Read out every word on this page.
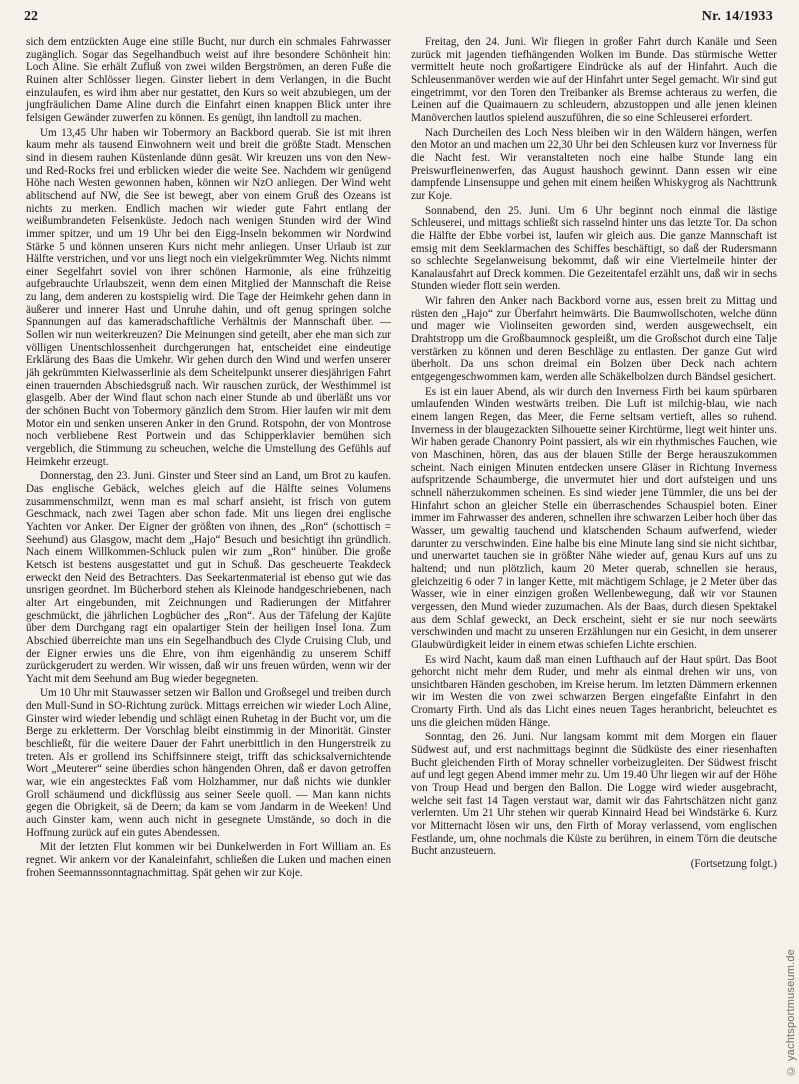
22	Nr. 14/1933

sich dem entzückten Auge eine stille Bucht, nur durch ein schmales Fahrwasser zugänglich. Sogar das Segelhandbuch weist auf ihre besondere Schönheit hin: Loch Aline. Sie erhält Zufluß von zwei wilden Bergströmen, an deren Fuße die Ruinen alter Schlösser liegen. Ginster liebert in dem Verlangen, in die Bucht einzulaufen, es wird ihm aber nur gestattet, den Kurs so weit abzubiegen, um der jungfräulichen Dame Aline durch die Einfahrt einen knappen Blick unter ihre felsigen Gewänder zuwerfen zu können. Es genügt, ihn landtoll zu machen.

Um 13,45 Uhr haben wir Tobermory an Backbord querab. Sie ist mit ihren kaum mehr als tausend Einwohnern weit und breit die größte Stadt. Menschen sind in diesem rauhen Küstenlande dünn gesät. Wir kreuzen uns von den New- und Red-Rocks frei und erblicken wieder die weite See. Nachdem wir genügend Höhe nach Westen gewonnen haben, können wir NzO anliegen. Der Wind weht ablitschend auf NW, die See ist bewegt, aber von einem Gruß des Ozeans ist nichts zu merken. Endlich machen wir wieder gute Fahrt entlang der weißumbrandeten Felsenküste. Jedoch nach wenigen Stunden wird der Wind immer spitzer, und um 19 Uhr bei den Eigg-Inseln bekommen wir Nordwind Stärke 5 und können unseren Kurs nicht mehr anliegen. Unser Urlaub ist zur Hälfte verstrichen, und vor uns liegt noch ein vielgekrümmter Weg. Nichts nimmt einer Segelfahrt soviel von ihrer schönen Harmonie, als eine frühzeitig aufgebrauchte Urlaubszeit, wenn dem einen Mitglied der Mannschaft die Reise zu lang, dem anderen zu kostspielig wird. Die Tage der Heimkehr gehen dann in äußerer und innerer Hast und Unruhe dahin, und oft genug springen solche Spannungen auf das kameradschaftliche Verhältnis der Mannschaft über. — Sollen wir nun weiterkreuzen? Die Meinungen sind geteilt, aber ehe man sich zur völligen Unentschlossenheit durchgerungen hat, entscheidet eine eindeutige Erklärung des Baas die Umkehr. Wir gehen durch den Wind und werfen unserer jäh gekrümmten Kielwasserlinie als dem Scheitelpunkt unserer diesjährigen Fahrt einen trauernden Abschiedsgruß nach. Wir rauschen zurück, der Westhimmel ist glasgelb. Aber der Wind flaut schon nach einer Stunde ab und überläßt uns vor der schönen Bucht von Tobermory gänzlich dem Strom. Hier laufen wir mit dem Motor ein und senken unseren Anker in den Grund. Rotspohn, der von Montrose noch verbliebene Rest Portwein und das Schipperklavier bemühen sich vergeblich, die Stimmung zu scheuchen, welche die Umstellung des Gefühls auf Heimkehr erzeugt.

Donnerstag, den 23. Juni. Ginster und Steer sind an Land, um Brot zu kaufen. Das englische Gebäck, welches gleich auf die Hälfte seines Volumens zusammenschmilzt, wenn man es mal scharf ansieht, ist frisch von gutem Geschmack, nach zwei Tagen aber schon fade. Mit uns liegen drei englische Yachten vor Anker. Der Eigner der größten von ihnen, des „Ron“ (schottisch = Seehund) aus Glasgow, macht dem „Hajo“ Besuch und besichtigt ihn gründlich. Nach einem Willkommen-Schluck pulen wir zum „Ron“ hinüber. Die große Ketsch ist bestens ausgestattet und gut in Schuß. Das gescheuerte Teakdeck erweckt den Neid des Betrachters. Das Seekartenmaterial ist ebenso gut wie das unsrigen geordnet. Im Bücherbord stehen als Kleinode handgeschriebenen, nach alter Art eingebunden, mit Zeichnungen und Radierungen der Mitfahrer geschmückt, die jährlichen Logbücher des „Ron“. Aus der Täfelung der Kajüte über dem Durchgang ragt ein opalartiger Stein der heiligen Insel Iona. Zum Abschied überreichte man uns ein Segelhandbuch des Clyde Cruising Club, und der Eigner erwies uns die Ehre, von ihm eigenhändig zu unserem Schiff zurückgerudert zu werden. Wir wissen, daß wir uns freuen würden, wenn wir der Yacht mit dem Seehund am Bug wieder begegneten.

Um 10 Uhr mit Stauwasser setzen wir Ballon und Großsegel und treiben durch den Mull-Sund in SO-Richtung zurück. Mittags erreichen wir wieder Loch Aline, Ginster wird wieder lebendig und schlägt einen Ruhetag in der Bucht vor, um die Berge zu erkletterm. Der Vorschlag bleibt einstimmig in der Minorität. Ginster beschließt, für die weitere Dauer der Fahrt unerbittlich in den Hungerstreik zu treten. Als er grollend ins Schiffsinnere steigt, trifft das schicksalvernichtende Wort „Meuterer“ seine überdies schon hängenden Ohren, daß er davon getroffen war, wie ein angestecktes Faß vom Holzhammer, nur daß nichts wie dunkler Groll schäumend und dickflüssig aus seiner Seele quoll. — Man kann nichts gegen die Obrigkeit, sä de Deern; da kam se vom Jandarm in de Weeken! Und auch Ginster kam, wenn auch nicht in gesegnete Umstände, so doch in die Hoffnung zurück auf ein gutes Abendessen.

Mit der letzten Flut kommen wir bei Dunkelwerden in Fort William an. Es regnet. Wir ankern vor der Kanaleinfahrt, schließen die Luken und machen einen frohen Seemannssonntagnachmittag. Spät gehen wir zur Koje.

Freitag, den 24. Juni. Wir fliegen in großer Fahrt durch Kanäle und Seen zurück mit jagenden tiefhängenden Wolken im Bunde. Das stürmische Wetter vermittelt heute noch großartigere Eindrücke als auf der Hinfahrt. Auch die Schleusenmanöver werden wie auf der Hinfahrt unter Segel gemacht. Wir sind gut eingetrimmt, vor den Toren den Treibanker als Bremse achteraus zu werfen, die Leinen auf die Quaimauern zu schleudern, abzustoppen und alle jenen kleinen Manöverchen lautlos spielend auszuführen, die so eine Schleuserei erfordert.

Nach Durcheilen des Loch Ness bleiben wir in den Wäldern hängen, werfen den Motor an und machen um 22,30 Uhr bei den Schleusen kurz vor Inverness für die Nacht fest. Wir veranstalteten noch eine halbe Stunde lang ein Preiswurfleinenwerfen, das August haushoch gewinnt. Dann essen wir eine dampfende Linsensuppe und gehen mit einem heißen Whiskygrog als Nachttrunk zur Koje.

Sonnabend, den 25. Juni. Um 6 Uhr beginnt noch einmal die lästige Schleuserei, und mittags schließt sich rasselnd hinter uns das letzte Tor. Da schon die Hälfte der Ebbe vorbei ist, laufen wir gleich aus. Die ganze Mannschaft ist emsig mit dem Seeklarmachen des Schiffes beschäftigt, so daß der Rudersmann so schlechte Segelanweisung bekommt, daß wir eine Viertelmeile hinter der Kanalausfahrt auf Dreck kommen. Die Gezeitentafel erzählt uns, daß wir in sechs Stunden wieder flott sein werden.

Wir fahren den Anker nach Backbord vorne aus, essen breit zu Mittag und rüsten den „Hajo“ zur Überfahrt heimwärts. Die Baumwollschoten, welche dünn und mager wie Violinseiten geworden sind, werden ausgewechselt, ein Drahtstropp um die Großbaumnock gespleißt, um die Großschot durch eine Talje verstärken zu können und deren Beschläge zu entlasten. Der ganze Gut wird überholt. Da uns schon dreimal ein Bolzen über Deck nach achtern entgegengeschwommen kam, werden alle Schäkelbolzen durch Bändsel gesichert.

Es ist ein lauer Abend, als wir durch den Inverness Firth bei kaum spürbaren umlaufenden Winden westwärts treiben. Die Luft ist milchig-blau, wie nach einem langen Regen, das Meer, die Ferne seltsam vertieft, alles so ruhend. Inverness in der blaugezackten Silhouette seiner Kirchtürme, liegt weit hinter uns. Wir haben gerade Chanonry Point passiert, als wir ein rhythmisches Fauchen, wie von Maschinen, hören, das aus der blauen Stille der Berge herauszukommen scheint. Nach einigen Minuten entdecken unsere Gläser in Richtung Inverness aufspritzende Schaumberge, die unvermutet hier und dort aufsteigen und uns schnell näherzukommen scheinen. Es sind wieder jene Tümmler, die uns bei der Hinfahrt schon an gleicher Stelle ein überraschendes Schauspiel boten. Einer immer im Fahrwasser des anderen, schnellen ihre schwarzen Leiber hoch über das Wasser, um gewaltig tauchend und klatschenden Schaum aufwerfend, wieder darunter zu verschwinden. Eine halbe bis eine Minute lang sind sie nicht sichtbar, und unerwartet tauchen sie in größter Nähe wieder auf, genau Kurs auf uns zu haltend; und nun plötzlich, kaum 20 Meter querab, schnellen sie heraus, gleichzeitig 6 oder 7 in langer Kette, mit mächtigem Schlage, je 2 Meter über das Wasser, wie in einer einzigen großen Wellenbewegung, daß wir vor Staunen vergessen, den Mund wieder zuzumachen. Als der Baas, durch diesen Spektakel aus dem Schlaf geweckt, an Deck erscheint, sieht er sie nur noch seewärts verschwinden und macht zu unseren Erzählungen nur ein Gesicht, in dem unserer Glaubwürdigkeit leider in einem etwas schiefen Lichte erschien.

Es wird Nacht, kaum daß man einen Lufthauch auf der Haut spürt. Das Boot gehorcht nicht mehr dem Ruder, und mehr als einmal drehen wir uns, von unsichtbaren Händen geschoben, im Kreise herum. Im letzten Dämmern erkennen wir im Westen die von zwei schwarzen Bergen eingefaßte Einfahrt in den Cromarty Firth. Und als das Licht eines neuen Tages heranbricht, beleuchtet es uns die gleichen müden Hänge.

Sonntag, den 26. Juni. Nur langsam kommt mit dem Morgen ein flauer Südwest auf, und erst nachmittags beginnt die Südküste des einer riesenhaften Bucht gleichenden Firth of Moray schneller vorbeizugleiten. Der Südwest frischt auf und legt gegen Abend immer mehr zu. Um 19.40 Uhr liegen wir auf der Höhe von Troup Head und bergen den Ballon. Die Logge wird wieder ausgebracht, welche seit fast 14 Tagen verstaut war, damit wir das Fahrtschätzen nicht ganz verlernten. Um 21 Uhr stehen wir querab Kinnaird Head bei Windstärke 6. Kurz vor Mitternacht lösen wir uns, den Firth of Moray verlassend, vom englischen Festlande, um, ohne nochmals die Küste zu berühren, in einem Törn die deutsche Bucht anzusteuern.

(Fortsetzung folgt.)
© yachtsportmuseum.de
